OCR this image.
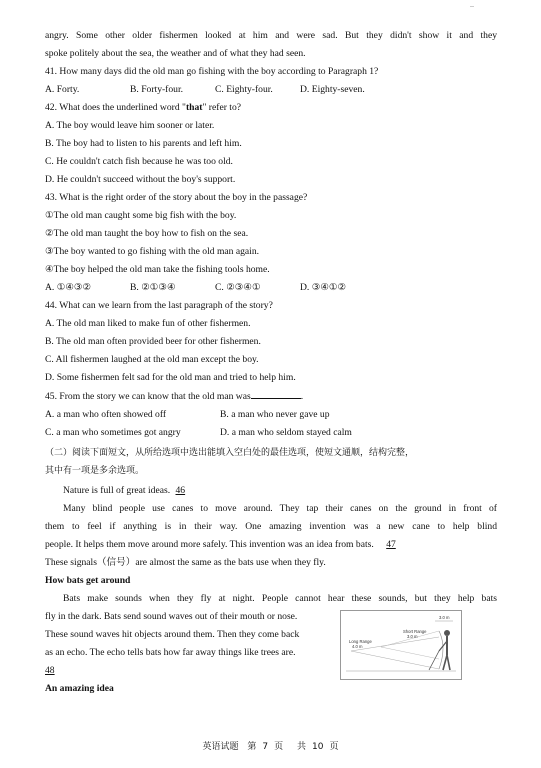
angry. Some other older fishermen looked at him and were sad. But they didn't show it and they
spoke politely about the sea, the weather and of what they had seen.
41. How many days did the old man go fishing with the boy according to Paragraph 1?
A. Forty.	B. Forty-four.	C. Eighty-four.	D. Eighty-seven.
42. What does the underlined word "that" refer to?
A. The boy would leave him sooner or later.
B. The boy had to listen to his parents and left him.
C. He couldn't catch fish because he was too old.
D. He couldn't succeed without the boy's support.
43. What is the right order of the story about the boy in the passage?
①The old man caught some big fish with the boy.
②The old man taught the boy how to fish on the sea.
③The boy wanted to go fishing with the old man again.
④The boy helped the old man take the fishing tools home.
A. ①④③②	B. ②①③④	C. ②③④①	D. ③④①②
44. What can we learn from the last paragraph of the story?
A. The old man liked to make fun of other fishermen.
B. The old man often provided beer for other fishermen.
C. All fishermen laughed at the old man except the boy.
D. Some fishermen felt sad for the old man and tried to help him.
45. From the story we can know that the old man was	.
A. a man who often showed off	B. a man who never gave up
C. a man who sometimes got angry	D. a man who seldom stayed calm
（二）阅读下面短文，从所给选项中选出能填入空白处的最佳选项，使短文通顺，结构完整，
其中有一项是多余选项。
Nature is full of great ideas. 46
Many blind people use canes to move around. They tap their canes on the ground in front of
them to feel if anything is in their way. One amazing invention was a new cane to help blind
people. It helps them move around more safely. This invention was an idea from bats. 47
These signals（信号）are almost the same as the bats use when they fly.
How bats get around
Bats make sounds when they fly at night. People cannot hear these sounds, but they help bats
fly in the dark. Bats send sound waves out of their mouth or nose.
These sound waves hit objects around them. Then they come back
as an echo. The echo tells bats how far away things like trees are.
48
Long Range
4.0 m
Short Range
3.0 m
3.0 m
An amazing idea
英语试题 第 7 页 共 10 页
